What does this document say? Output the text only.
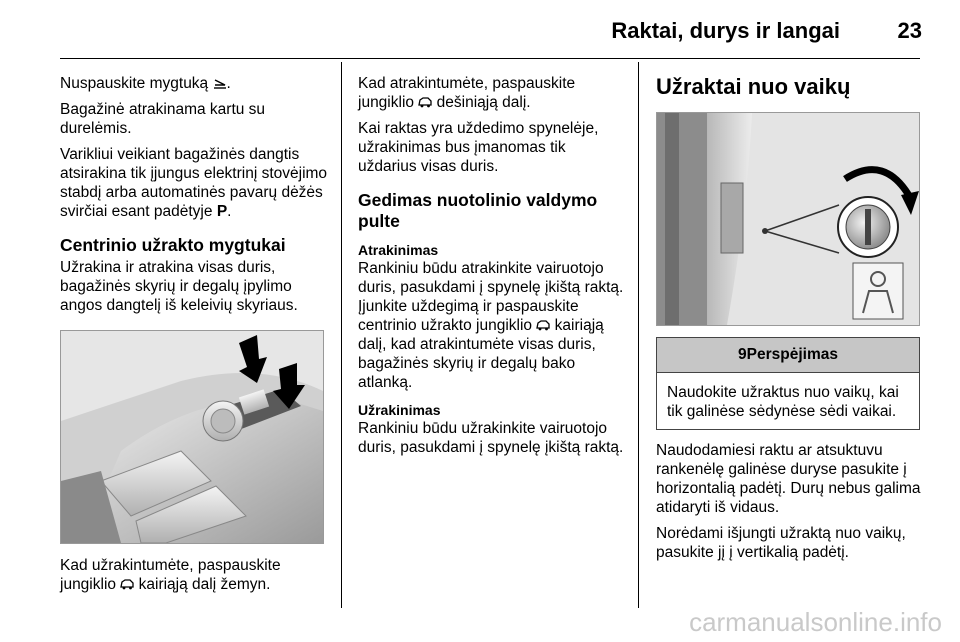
Raktai, durys ir langai	23

Nuspauskite mygtuką .

Bagažinė atrakinama kartu su durelėmis.

Varikliui veikiant bagažinės dangtis atsirakina tik įjungus elektrinį stovėjimo stabdį arba automatinės pavarų dėžės svirčiai esant padėtyje P.

Centrinio užrakto mygtukai

Užrakina ir atrakina visas duris, bagažinės skyrių ir degalų įpylimo angos dangtelį iš keleivių skyriaus.

Kad užrakintumėte, paspauskite jungiklio kairiąją dalį žemyn.

Kad atrakintumėte, paspauskite jungiklio dešiniąją dalį.

Kai raktas yra uždedimo spynelėje, užrakinimas bus įmanomas tik uždarius visas duris.

Gedimas nuotolinio valdymo pulte
Atrakinimas

Rankiniu būdu atrakinkite vairuotojo duris, pasukdami į spynelę įkištą raktą. Įjunkite uždegimą ir paspauskite centrinio užrakto jungiklio kairiąją dalį, kad atrakintumėte visas duris, bagažinės skyrių ir degalų bako atlanką.

Užrakinimas

Rankiniu būdu užrakinkite vairuotojo duris, pasukdami į spynelę įkištą raktą.

Užraktai nuo vaikų
9Perspėjimas
Naudokite užraktus nuo vaikų, kai tik galinėse sėdynėse sėdi vaikai.

Naudodamiesi raktu ar atsuktuvu rankenėlę galinėse duryse pasukite į horizontalią padėtį. Durų nebus galima atidaryti iš vidaus.

Norėdami išjungti užraktą nuo vaikų, pasukite jį į vertikalią padėtį.

carmanualsonline.info
